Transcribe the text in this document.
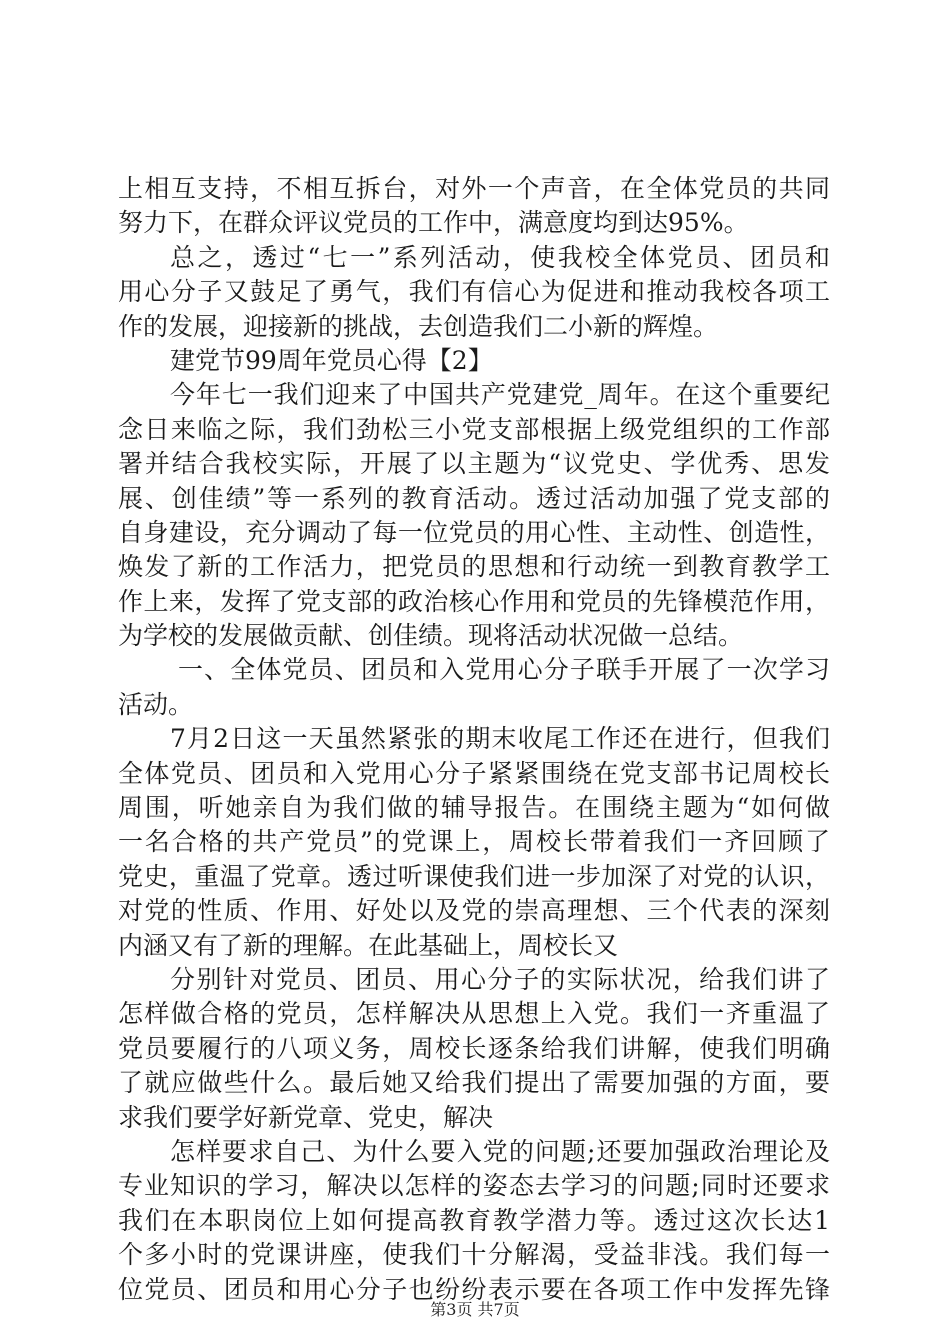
上相互支持，不相互拆台，对外一个声音，在全体党员的共同
努力下，在群众评议党员的工作中，满意度均到达95%。
总之，透过“七一”系列活动，使我校全体党员、团员和
用心分子又鼓足了勇气，我们有信心为促进和推动我校各项工
作的发展，迎接新的挑战，去创造我们二小新的辉煌。
建党节99周年党员心得【2】
今年七一我们迎来了中国共产党建党_周年。在这个重要纪
念日来临之际，我们劲松三小党支部根据上级党组织的工作部
署并结合我校实际，开展了以主题为“议党史、学优秀、思发
展、创佳绩”等一系列的教育活动。透过活动加强了党支部的
自身建设，充分调动了每一位党员的用心性、主动性、创造性，
焕发了新的工作活力，把党员的思想和行动统一到教育教学工
作上来，发挥了党支部的政治核心作用和党员的先锋模范作用，
为学校的发展做贡献、创佳绩。现将活动状况做一总结。
一、全体党员、团员和入党用心分子联手开展了一次学习
活动。
7月2日这一天虽然紧张的期末收尾工作还在进行，但我们
全体党员、团员和入党用心分子紧紧围绕在党支部书记周校长
周围，听她亲自为我们做的辅导报告。在围绕主题为“如何做
一名合格的共产党员”的党课上，周校长带着我们一齐回顾了
党史，重温了党章。透过听课使我们进一步加深了对党的认识，
对党的性质、作用、好处以及党的崇高理想、三个代表的深刻
内涵又有了新的理解。在此基础上，周校长又
分别针对党员、团员、用心分子的实际状况，给我们讲了
怎样做合格的党员，怎样解决从思想上入党。我们一齐重温了
党员要履行的八项义务，周校长逐条给我们讲解，使我们明确
了就应做些什么。最后她又给我们提出了需要加强的方面，要
求我们要学好新党章、党史，解决
怎样要求自己、为什么要入党的问题;还要加强政治理论及
专业知识的学习，解决以怎样的姿态去学习的问题;同时还要求
我们在本职岗位上如何提高教育教学潜力等。透过这次长达1
个多小时的党课讲座，使我们十分解渴，受益非浅。我们每一
位党员、团员和用心分子也纷纷表示要在各项工作中发挥先锋
第3页 共7页
